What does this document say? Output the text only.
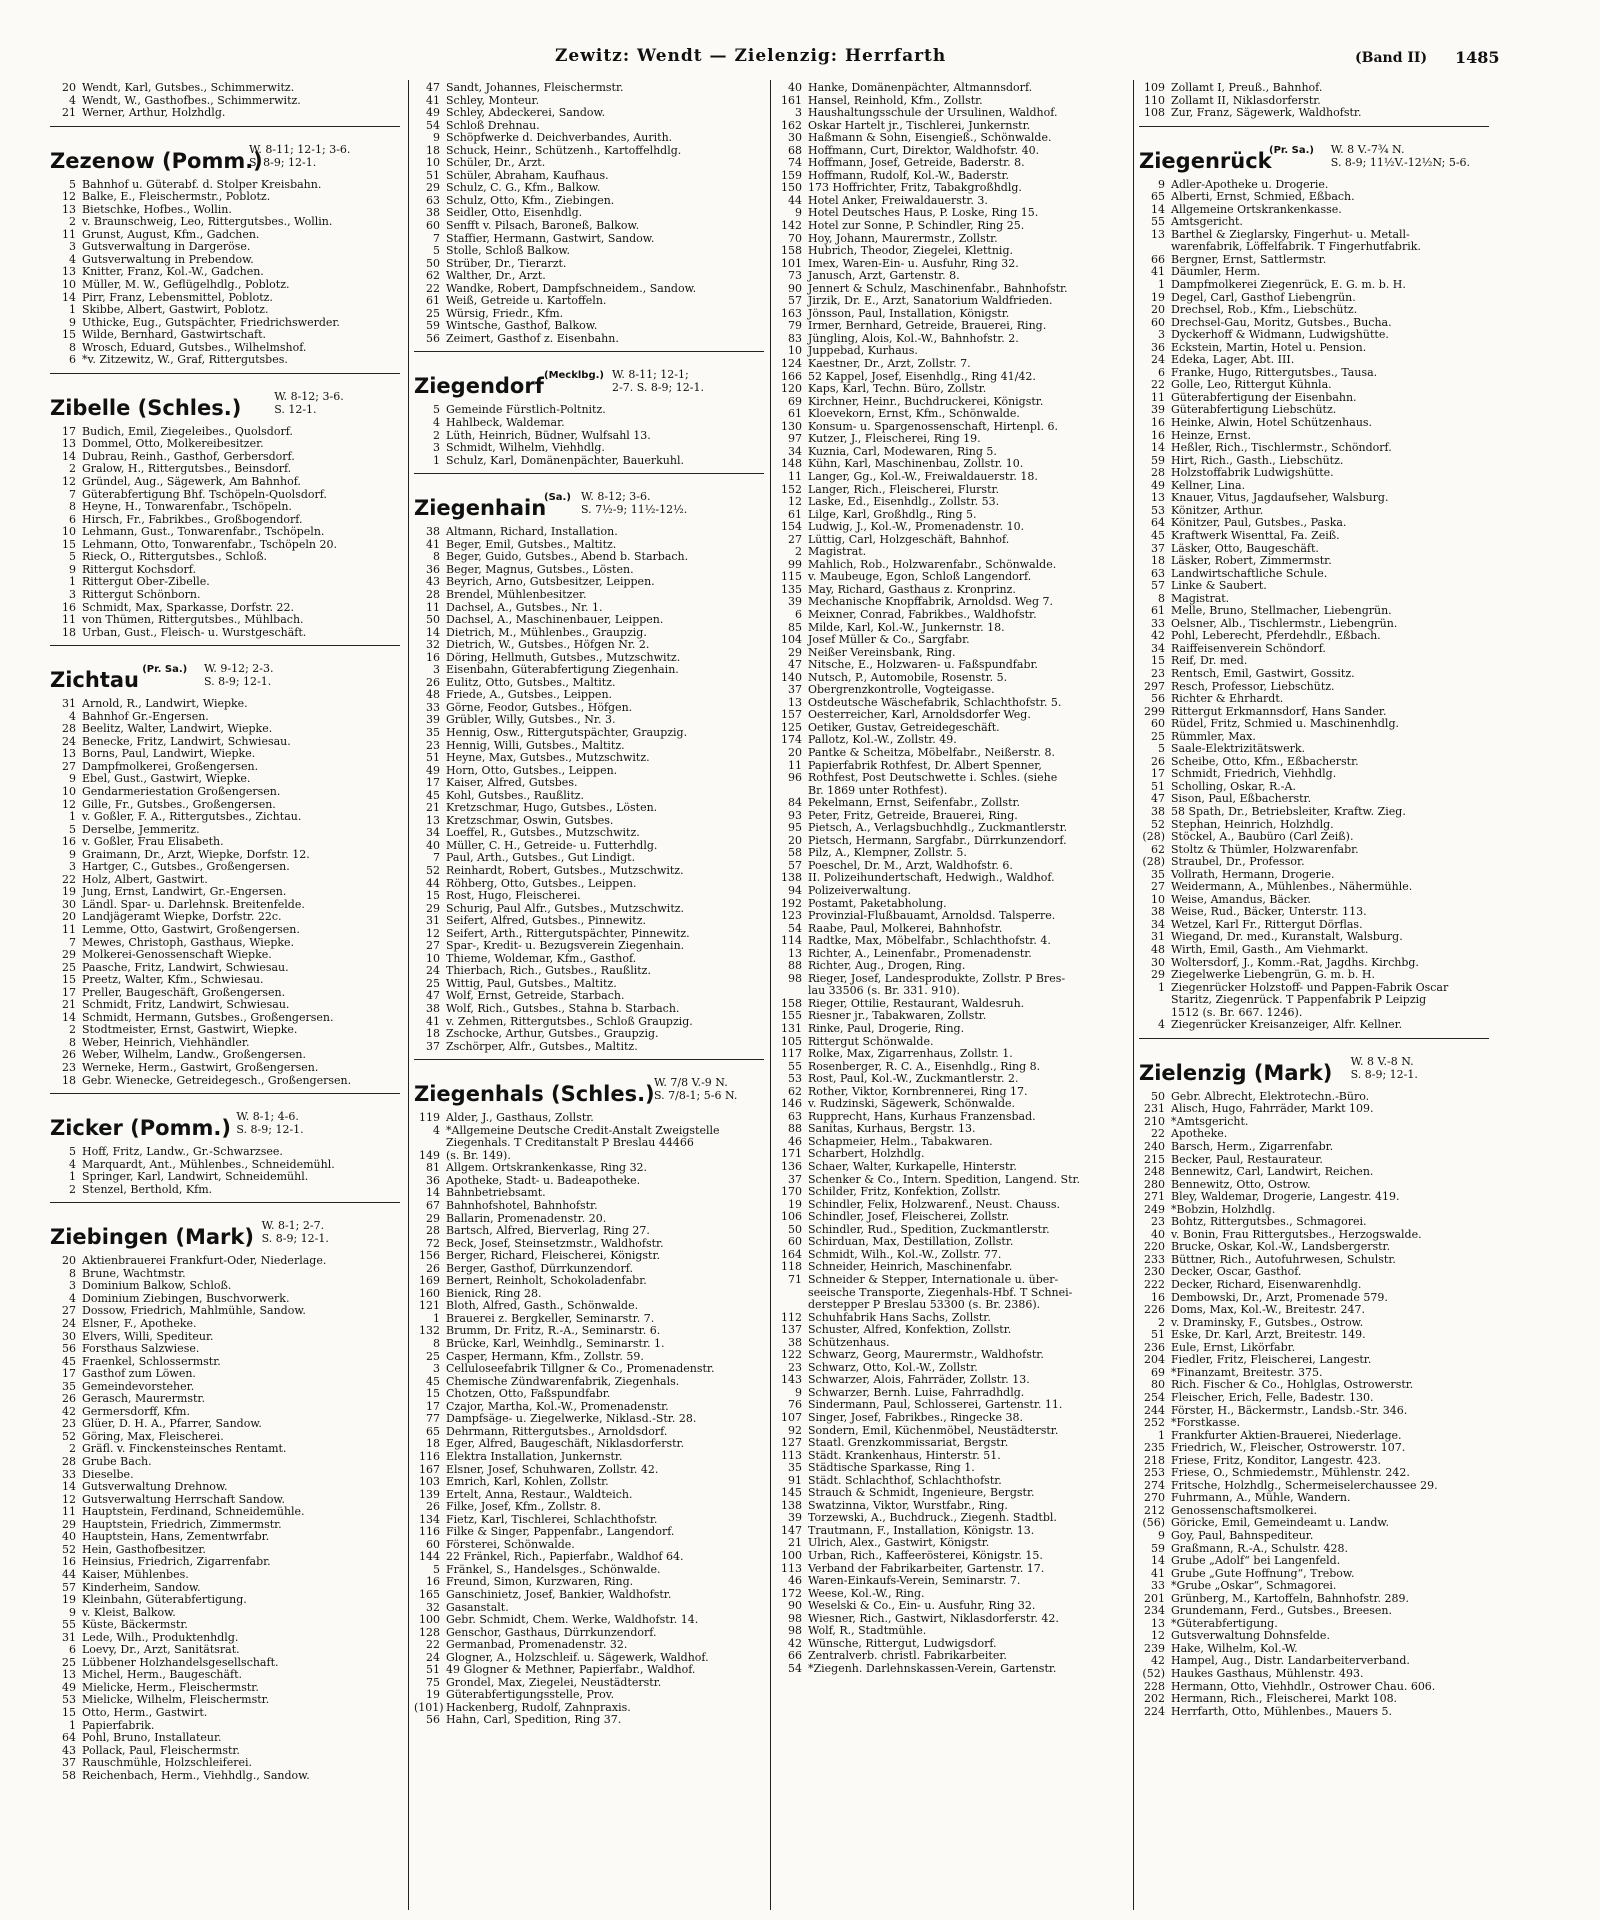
Zewitz: Wendt — Zielenzig: Herrfarth	(Band II) 1485
20 Wendt, Karl, Gutsbes., Schimmerwitz.
4 Wendt, W., Gasthofbes., Schimmerwitz.
21 Werner, Arthur, Holzhdlg.
Zezenow (Pomm.)
W. 8-11; 12-1; 3-6.
S. 8-9; 12-1.
5 Bahnhof u. Güterabf. d. Stolper Kreisbahn.
12 Balke, E., Fleischermstr., Poblotz.
13 Bietschke, Hofbes., Wollin.
2 v. Braunschweig, Leo, Rittergutsbes., Wollin.
11 Grunst, August, Kfm., Gadchen.
3 Gutsverwaltung in Dargeröse.
4 Gutsverwaltung in Prebendow.
13 Knitter, Franz, Kol.-W., Gadchen.
10 Müller, M. W., Geflügelhdlg., Poblotz.
14 Pirr, Franz, Lebensmittel, Poblotz.
1 Skibbe, Albert, Gastwirt, Poblotz.
9 Uthicke, Eug., Gutspächter, Friedrichswerder.
15 Wilde, Bernhard, Gastwirtschaft.
8 Wrosch, Eduard, Gutsbes., Wilhelmshof.
6 *v. Zitzewitz, W., Graf, Rittergutsbes.
Zibelle (Schles.)	W. 8-12; 3-6.
S. 12-1.
17 Budich, Emil, Ziegeleibes., Quolsdorf.
13 Dommel, Otto, Molkereibesitzer.
14 Dubrau, Reinh., Gasthof, Gerbersdorf.
2 Gralow, H., Rittergutsbes., Beinsdorf.
12 Gründel, Aug., Sägewerk, Am Bahnhof.
7 Güterabfertigung Bhf. Tschöpeln-Quolsdorf.
8 Heyne, H., Tonwarenfabr., Tschöpeln.
6 Hirsch, Fr., Fabrikbes., Großbogendorf.
10 Lehmann, Gust., Tonwarenfabr., Tschöpeln.
15 Lehmann, Otto, Tonwarenfabr., Tschöpeln 20.
5 Rieck, O., Rittergutsbes., Schloß.
9 Rittergut Kochsdorf.
1 Rittergut Ober-Zibelle.
3 Rittergut Schönborn.
16 Schmidt, Max, Sparkasse, Dorfstr. 22.
11 von Thümen, Rittergutsbes., Mühlbach.
18 Urban, Gust., Fleisch- u. Wurstgeschäft.
Zichtau (Pr. Sa.) W. 9-12; 2-3.
S. 8-9; 12-1.
31 Arnold, R., Landwirt, Wiepke.
4 Bahnhof Gr.-Engersen.
28 Beelitz, Walter, Landwirt, Wiepke.
24 Benecke, Fritz, Landwirt, Schwiesau.
13 Borns, Paul, Landwirt, Wiepke.
27 Dampfmolkerei, Großengersen.
9 Ebel, Gust., Gastwirt, Wiepke.
10 Gendarmeriestation Großengersen.
12 Gille, Fr., Gutsbes., Großengersen.
1 v. Goßler, F. A., Rittergutsbes., Zichtau.
5 Derselbe, Jemmeritz.
16 v. Goßler, Frau Elisabeth.
9 Graimann, Dr., Arzt, Wiepke, Dorfstr. 12.
3 Hartger, C., Gutsbes., Großengersen.
22 Holz, Albert, Gastwirt.
19 Jung, Ernst, Landwirt, Gr.-Engersen.
30 Ländl. Spar- u. Darlehnsk. Breitenfelde.
20 Landjägeramt Wiepke, Dorfstr. 22c.
11 Lemme, Otto, Gastwirt, Großengersen.
7 Mewes, Christoph, Gasthaus, Wiepke.
29 Molkerei-Genossenschaft Wiepke.
25 Paasche, Fritz, Landwirt, Schwiesau.
15 Preetz, Walter, Kfm., Schwiesau.
17 Preller, Baugeschäft, Großengersen.
21 Schmidt, Fritz, Landwirt, Schwiesau.
14 Schmidt, Hermann, Gutsbes., Großengersen.
2 Stodtmeister, Ernst, Gastwirt, Wiepke.
8 Weber, Heinrich, Viehhändler.
26 Weber, Wilhelm, Landw., Großengersen.
23 Werneke, Herm., Gastwirt, Großengersen.
18 Gebr. Wienecke, Getreidegesch., Großengersen.
Zicker (Pomm.) W. 8-1; 4-6.
S. 8-9; 12-1.
5 Hoff, Fritz, Landw., Gr.-Schwarzsee.
4 Marquardt, Ant., Mühlenbes., Schneidemühl.
1 Springer, Karl, Landwirt, Schneidemühl.
2 Stenzel, Berthold, Kfm.
Ziebingen (Mark) W. 8-1; 2-7.
S. 8-9; 12-1.
20 Aktienbrauerei Frankfurt-Oder, Niederlage.
8 Brune, Wachtmstr.
3 Dominium Balkow, Schloß.
4 Dominium Ziebingen, Buschvorwerk.
27 Dossow, Friedrich, Mahlmühle, Sandow.
24 Elsner, F., Apotheke.
30 Elvers, Willi, Spediteur.
56 Forsthaus Salzwiese.
45 Fraenkel, Schlossermstr.
17 Gasthof zum Löwen.
35 Gemeindevorsteher.
26 Gerasch, Maurermstr.
42 Germersdorff, Kfm.
23 Glüer, D. H. A., Pfarrer, Sandow.
52 Göring, Max, Fleischerei.
2 Gräfl. v. Finckensteinsches Rentamt.
28 Grube Bach.
33 Dieselbe.
14 Gutsverwaltung Drehnow.
12 Gutsverwaltung Herrschaft Sandow.
11 Hauptstein, Ferdinand, Schneidemühle.
29 Hauptstein, Friedrich, Zimmermstr.
40 Hauptstein, Hans, Zementwrfabr.
52 Hein, Gasthofbesitzer.
16 Heinsius, Friedrich, Zigarrenfabr.
44 Kaiser, Mühlenbes.
57 Kinderheim, Sandow.
19 Kleinbahn, Güterabfertigung.
9 v. Kleist, Balkow.
55 Küste, Bäckermstr.
31 Lede, Wilh., Produktenhdlg.
6 Loevy, Dr., Arzt, Sanitätsrat.
25 Lübbener Holzhandelsgesellschaft.
13 Michel, Herm., Baugeschäft.
49 Mielicke, Herm., Fleischermstr.
53 Mielicke, Wilhelm, Fleischermstr.
15 Otto, Herm., Gastwirt.
1 Papierfabrik.
64 Pohl, Bruno, Installateur.
43 Pollack, Paul, Fleischermstr.
37 Rauschmühle, Holzschleiferei.
58 Reichenbach, Herm., Viehhdlg., Sandow.
47 Sandt, Johannes, Fleischermstr.
41 Schley, Monteur.
49 Schley, Abdeckerei, Sandow.
54 Schloß Drehnau.
9 Schöpfwerke d. Deichverbandes, Aurith.
18 Schuck, Heinr., Schützenh., Kartoffelhdlg.
10 Schüler, Dr., Arzt.
51 Schüler, Abraham, Kaufhaus.
29 Schulz, C. G., Kfm., Balkow.
63 Schulz, Otto, Kfm., Ziebingen.
38 Seidler, Otto, Eisenhdlg.
60 Senfft v. Pilsach, Baroneß, Balkow.
7 Staffier, Hermann, Gastwirt, Sandow.
5 Stolle, Schloß Balkow.
50 Strüber, Dr., Tierarzt.
62 Walther, Dr., Arzt.
22 Wandke, Robert, Dampfschneidem., Sandow.
61 Weiß, Getreide u. Kartoffeln.
25 Würsig, Friedr., Kfm.
59 Wintsche, Gasthof, Balkow.
56 Zeimert, Gasthof z. Eisenbahn.
Ziegendorf (Mecklbg.) W. 8-11; 12-1;
2-7. S. 8-9; 12-1.
5 Gemeinde Fürstlich-Poltnitz.
4 Hahlbeck, Waldemar.
2 Lüth, Heinrich, Büdner, Wulfsahl 13.
3 Schmidt, Wilhelm, Viehhdlg.
1 Schulz, Karl, Domänenpächter, Bauerkuhl.
Ziegenhain
(Sa.) W. 8-12; 3-6.
S. 7½-9; 11½-12½.
38 Altmann, Richard, Installation.
41 Beger, Emil, Gutsbes., Maltitz.
8 Beger, Guido, Gutsbes., Abend b. Starbach.
36 Beger, Magnus, Gutsbes., Lösten.
43 Beyrich, Arno, Gutsbesitzer, Leippen.
28 Brendel, Mühlenbesitzer.
11 Dachsel, A., Gutsbes., Nr. 1.
50 Dachsel, A., Maschinenbauer, Leippen.
14 Dietrich, M., Mühlenbes., Graupzig.
32 Dietrich, W., Gutsbes., Höfgen Nr. 2.
16 Döring, Hellmuth, Gutsbes., Mutzschwitz.
3 Eisenbahn, Güterabfertigung Ziegenhain.
26 Eulitz, Otto, Gutsbes., Maltitz.
48 Friede, A., Gutsbes., Leippen.
33 Görne, Feodor, Gutsbes., Höfgen.
39 Grübler, Willy, Gutsbes., Nr. 3.
35 Hennig, Osw., Rittergutspächter, Graupzig.
23 Hennig, Willi, Gutsbes., Maltitz.
51 Heyne, Max, Gutsbes., Mutzschwitz.
49 Horn, Otto, Gutsbes., Leippen.
17 Kaiser, Alfred, Gutsbes.
45 Kohl, Gutsbes., Raußlitz.
21 Kretzschmar, Hugo, Gutsbes., Lösten.
13 Kretzschmar, Oswin, Gutsbes.
34 Loeffel, R., Gutsbes., Mutzschwitz.
40 Müller, C. H., Getreide- u. Futterhdlg.
7 Paul, Arth., Gutsbes., Gut Lindigt.
52 Reinhardt, Robert, Gutsbes., Mutzschwitz.
44 Röhberg, Otto, Gutsbes., Leippen.
15 Rost, Hugo, Fleischerei.
29 Schurig, Paul Alfr., Gutsbes., Mutzschwitz.
31 Seifert, Alfred, Gutsbes., Pinnewitz.
12 Seifert, Arth., Rittergutspächter, Pinnewitz.
27 Spar-, Kredit- u. Bezugsverein Ziegenhain.
10 Thieme, Woldemar, Kfm., Gasthof.
24 Thierbach, Rich., Gutsbes., Raußlitz.
25 Wittig, Paul, Gutsbes., Maltitz.
47 Wolf, Ernst, Getreide, Starbach.
38 Wolf, Rich., Gutsbes., Stahna b. Starbach.
41 v. Zehmen, Rittergutsbes., Schloß Graupzig.
18 Zschocke, Arthur, Gutsbes., Graupzig.
37 Zschörper, Alfr., Gutsbes., Maltitz.
Ziegenhals (Schles.) W. 7/8 V.-9 N.
S. 7/8-1; 5-6 N.
119 Alder, J., Gasthaus, Zollstr.
4 *Allgemeine Deutsche Credit-Anstalt Zweigstelle
Ziegenhals. T Creditanstalt P Breslau 44466
149 (s. Br. 149).
81 Allgem. Ortskrankenkasse, Ring 32.
36 Apotheke, Stadt- u. Badeapotheke.
14 Bahnbetriebsamt.
67 Bahnhofshotel, Bahnhofstr.
29 Ballarin, Promenadenstr. 20.
28 Bartsch, Alfred, Bierverlag, Ring 27.
72 Beck, Josef, Steinsetzmstr., Waldhofstr.
156 Berger, Richard, Fleischerei, Königstr.
26 Berger, Gasthof, Dürrkunzendorf.
169 Bernert, Reinholt, Schokoladenfabr.
160 Bienick, Ring 28.
121 Bloth, Alfred, Gasth., Schönwalde.
1 Brauerei z. Bergkeller, Seminarstr. 7.
132 Brumm, Dr. Fritz, R.-A., Seminarstr. 6.
8 Brücke, Karl, Weinhdlg., Seminarstr. 1.
25 Casper, Hermann, Kfm., Zollstr. 59.
3 Celluloseefabrik Tillgner & Co., Promenadenstr.
45 Chemische Zündwarenfabrik, Ziegenhals.
15 Chotzen, Otto, Faßspundfabr.
17 Czajor, Martha, Kol.-W., Promenadenstr.
77 Dampfsäge- u. Ziegelwerke, Niklasd.-Str. 28.
65 Dehrmann, Rittergutsbes., Arnoldsdorf.
18 Eger, Alfred, Baugeschäft, Niklasdorferstr.
116 Elektra Installation, Junkernstr.
167 Elsner, Josef, Schuhwaren, Zollstr. 42.
103 Emrich, Karl, Kohlen, Zollstr.
139 Ertelt, Anna, Restaur., Waldteich.
26 Filke, Josef, Kfm., Zollstr. 8.
134 Fietz, Karl, Tischlerei, Schlachthofstr.
116 Filke & Singer, Pappenfabr., Langendorf.
60 Försterei, Schönwalde.
144 22 Fränkel, Rich., Papierfabr., Waldhof 64.
5 Fränkel, S., Handelsges., Schönwalde.
16 Freund, Simon, Kurzwaren, Ring.
165 Ganschinietz, Josef, Bankier, Waldhofstr.
32 Gasanstalt.
100 Gebr. Schmidt, Chem. Werke, Waldhofstr. 14.
128 Genschor, Gasthaus, Dürrkunzendorf.
22 Germanbad, Promenadenstr. 32.
24 Glogner, A., Holzschleif. u. Sägewerk, Waldhof.
51 49 Glogner & Methner, Papierfabr., Waldhof.
75 Grondel, Max, Ziegelei, Neustädterstr.
19 Güterabfertigungsstelle, Prov.
(101) Hackenberg, Rudolf, Zahnpraxis.
56 Hahn, Carl, Spedition, Ring 37.
40 Hanke, Domänenpächter, Altmannsdorf.
161 Hansel, Reinhold, Kfm., Zollstr.
3 Haushaltungsschule der Ursulinen, Waldhof.
162 Oskar Hartelt jr., Tischlerei, Junkernstr.
30 Haßmann & Sohn, Eisengieß., Schönwalde.
68 Hoffmann, Curt, Direktor, Waldhofstr. 40.
74 Hoffmann, Josef, Getreide, Baderstr. 8.
159 Hoffmann, Rudolf, Kol.-W., Baderstr.
150 173 Hoffrichter, Fritz, Tabakgroßhdlg.
44 Hotel Anker, Freiwaldauerstr. 3.
9 Hotel Deutsches Haus, P. Loske, Ring 15.
142 Hotel zur Sonne, P. Schindler, Ring 25.
70 Hoy, Johann, Maurermstr., Zollstr.
158 Hubrich, Theodor, Ziegelei, Klettnig.
101 Imex, Waren-Ein- u. Ausfuhr, Ring 32.
73 Janusch, Arzt, Gartenstr. 8.
90 Jennert & Schulz, Maschinenfabr., Bahnhofstr.
57 Jirzik, Dr. E., Arzt, Sanatorium Waldfrieden.
163 Jönsson, Paul, Installation, Königstr.
79 Irmer, Bernhard, Getreide, Brauerei, Ring.
83 Jüngling, Alois, Kol.-W., Bahnhofstr. 2.
10 Juppebad, Kurhaus.
124 Kaestner, Dr., Arzt, Zollstr. 7.
166 52 Kappel, Josef, Eisenhdlg., Ring 41/42.
120 Kaps, Karl, Techn. Büro, Zollstr.
69 Kirchner, Heinr., Buchdruckerei, Königstr.
61 Kloevekorn, Ernst, Kfm., Schönwalde.
130 Konsum- u. Spargenossenschaft, Hirtenpl. 6.
97 Kutzer, J., Fleischerei, Ring 19.
34 Kuznia, Carl, Modewaren, Ring 5.
148 Kühn, Karl, Maschinenbau, Zollstr. 10.
11 Langer, Gg., Kol.-W., Freiwaldauerstr. 18.
152 Langer, Rich., Fleischerei, Flurstr.
12 Laske, Ed., Eisenhdlg., Zollstr. 53.
61 Lilge, Karl, Großhdlg., Ring 5.
154 Ludwig, J., Kol.-W., Promenadenstr. 10.
27 Lüttig, Carl, Holzgeschäft, Bahnhof.
2 Magistrat.
99 Mahlich, Rob., Holzwarenfabr., Schönwalde.
115 v. Maubeuge, Egon, Schloß Langendorf.
135 May, Richard, Gasthaus z. Kronprinz.
39 Mechanische Knopffabrik, Arnoldsd. Weg 7.
6 Meixner, Conrad, Fabrikbes., Waldhofstr.
85 Milde, Karl, Kol.-W., Junkernstr. 18.
104 Josef Müller & Co., Sargfabr.
29 Neißer Vereinsbank, Ring.
47 Nitsche, E., Holzwaren- u. Faßspundfabr.
140 Nutsch, P., Automobile, Rosenstr. 5.
37 Obergrenzkontrolle, Vogteigasse.
13 Ostdeutsche Wäschefabrik, Schlachthofstr. 5.
157 Oesterreicher, Karl, Arnoldsdorfer Weg.
125 Oetiker, Gustav, Getreidegeschäft.
174 Pallotz, Kol.-W., Zollstr. 49.
20 Pantke & Scheitza, Möbelfabr., Neißerstr. 8.
11 Papierfabrik Rothfest, Dr. Albert Spenner,
96 Rothfest, Post Deutschwette i. Schles. (siehe
Br. 1869 unter Rothfest).
84 Pekelmann, Ernst, Seifenfabr., Zollstr.
93 Peter, Fritz, Getreide, Brauerei, Ring.
95 Pietsch, A., Verlagsbuchhdlg., Zuckmantlerstr.
20 Pietsch, Hermann, Sargfabr., Dürrkunzendorf.
58 Pilz, A., Klempner, Zollstr. 5.
57 Poeschel, Dr. M., Arzt, Waldhofstr. 6.
138 II. Polizeihundertschaft, Hedwigh., Waldhof.
94 Polizeiverwaltung.
192 Postamt, Paketabholung.
123 Provinzial-Flußbauamt, Arnoldsd. Talsperre.
54 Raabe, Paul, Molkerei, Bahnhofstr.
114 Radtke, Max, Möbelfabr., Schlachthofstr. 4.
13 Richter, A., Leinenfabr., Promenadenstr.
88 Richter, Aug., Drogen, Ring.
98 Rieger, Josef, Landesprodukte, Zollstr. P Bres-
lau 33506 (s. Br. 331. 910).
158 Rieger, Ottilie, Restaurant, Waldesruh.
155 Riesner jr., Tabakwaren, Zollstr.
131 Rinke, Paul, Drogerie, Ring.
105 Rittergut Schönwalde.
117 Rolke, Max, Zigarrenhaus, Zollstr. 1.
55 Rosenberger, R. C. A., Eisenhdlg., Ring 8.
53 Rost, Paul, Kol.-W., Zuckmantlerstr. 2.
62 Rother, Viktor, Kornbrennerei, Ring 17.
146 v. Rudzinski, Sägewerk, Schönwalde.
63 Rupprecht, Hans, Kurhaus Franzensbad.
88 Sanitas, Kurhaus, Bergstr. 13.
46 Schapmeier, Helm., Tabakwaren.
171 Scharbert, Holzhdlg.
136 Schaer, Walter, Kurkapelle, Hinterstr.
37 Schenker & Co., Intern. Spedition, Langend. Str.
170 Schilder, Fritz, Konfektion, Zollstr.
19 Schindler, Felix, Holzwarenf., Neust. Chauss.
106 Schindler, Josef, Fleischerei, Zollstr.
50 Schindler, Rud., Spedition, Zuckmantlerstr.
60 Schirduan, Max, Destillation, Zollstr.
164 Schmidt, Wilh., Kol.-W., Zollstr. 77.
118 Schneider, Heinrich, Maschinenfabr.
71 Schneider & Stepper, Internationale u. über-
seeische Transporte, Ziegenhals-Hbf. T Schnei-
derstepper P Breslau 53300 (s. Br. 2386).
112 Schuhfabrik Hans Sachs, Zollstr.
137 Schuster, Alfred, Konfektion, Zollstr.
38 Schützenhaus.
122 Schwarz, Georg, Maurermstr., Waldhofstr.
23 Schwarz, Otto, Kol.-W., Zollstr.
143 Schwarzer, Alois, Fahrräder, Zollstr. 13.
9 Schwarzer, Bernh. Luise, Fahrradhdlg.
76 Sindermann, Paul, Schlosserei, Gartenstr. 11.
107 Singer, Josef, Fabrikbes., Ringecke 38.
92 Sondern, Emil, Küchenmöbel, Neustädterstr.
127 Staatl. Grenzkommissariat, Bergstr.
113 Städt. Krankenhaus, Hinterstr. 51.
35 Städtische Sparkasse, Ring 1.
91 Städt. Schlachthof, Schlachthofstr.
145 Strauch & Schmidt, Ingenieure, Bergstr.
138 Swatzinna, Viktor, Wurstfabr., Ring.
39 Torzewski, A., Buchdruck., Ziegenh. Stadtbl.
147 Trautmann, F., Installation, Königstr. 13.
21 Ulrich, Alex., Gastwirt, Königstr.
100 Urban, Rich., Kaffeerösterei, Königstr. 15.
113 Verband der Fabrikarbeiter, Gartenstr. 17.
46 Waren-Einkaufs-Verein, Seminarstr. 7.
172 Weese, Kol.-W., Ring.
90 Weselski & Co., Ein- u. Ausfuhr, Ring 32.
98 Wiesner, Rich., Gastwirt, Niklasdorferstr. 42.
98 Wolf, R., Stadtmühle.
42 Wünsche, Rittergut, Ludwigsdorf.
66 Zentralverb. christl. Fabrikarbeiter.
54 *Ziegenh. Darlehnskassen-Verein, Gartenstr.
109 Zollamt I, Preuß., Bahnhof.
110 Zollamt II, Niklasdorferstr.
108 Zur, Franz, Sägewerk, Waldhofstr.
Ziegenrück
(Pr. Sa.) W. 8 V.-7¾ N.
S. 8-9; 11½V.-12½N; 5-6.
9 Adler-Apotheke u. Drogerie.
65 Alberti, Ernst, Schmied, Eßbach.
14 Allgemeine Ortskrankenkasse.
55 Amtsgericht.
13 Barthel & Zieglarsky, Fingerhut- u. Metall-
warenfabrik, Löffelfabrik. T Fingerhutfabrik.
66 Bergner, Ernst, Sattlermstr.
41 Däumler, Herm.
1 Dampfmolkerei Ziegenrück, E. G. m. b. H.
19 Degel, Carl, Gasthof Liebengrün.
20 Drechsel, Rob., Kfm., Liebschütz.
60 Drechsel-Gau, Moritz, Gutsbes., Bucha.
3 Dyckerhoff & Widmann, Ludwigshütte.
36 Eckstein, Martin, Hotel u. Pension.
24 Edeka, Lager, Abt. III.
6 Franke, Hugo, Rittergutsbes., Tausa.
22 Golle, Leo, Rittergut Kühnla.
11 Güterabfertigung der Eisenbahn.
39 Güterabfertigung Liebschütz.
16 Heinke, Alwin, Hotel Schützenhaus.
16 Heinze, Ernst.
14 Heßler, Rich., Tischlermstr., Schöndorf.
59 Hirt, Rich., Gasth., Liebschütz.
28 Holzstoffabrik Ludwigshütte.
49 Kellner, Lina.
13 Knauer, Vitus, Jagdaufseher, Walsburg.
53 Könitzer, Arthur.
64 Könitzer, Paul, Gutsbes., Paska.
45 Kraftwerk Wisenttal, Fa. Zeiß.
37 Läsker, Otto, Baugeschäft.
18 Läsker, Robert, Zimmermstr.
63 Landwirtschaftliche Schule.
57 Linke & Saubert.
8 Magistrat.
61 Melle, Bruno, Stellmacher, Liebengrün.
33 Oelsner, Alb., Tischlermstr., Liebengrün.
42 Pohl, Leberecht, Pferdehdlr., Eßbach.
34 Raiffeisenverein Schöndorf.
15 Reif, Dr. med.
23 Rentsch, Emil, Gastwirt, Gossitz.
297 Resch, Professor, Liebschütz.
56 Richter & Ehrhardt.
299 Rittergut Erkmannsdorf, Hans Sander.
60 Rüdel, Fritz, Schmied u. Maschinenhdlg.
25 Rümmler, Max.
5 Saale-Elektrizitätswerk.
26 Scheibe, Otto, Kfm., Eßbacherstr.
17 Schmidt, Friedrich, Viehhdlg.
51 Scholling, Oskar, R.-A.
47 Sison, Paul, Eßbacherstr.
38 58 Spath, Dr., Betriebsleiter, Kraftw. Zieg.
52 Stephan, Heinrich, Holzhdlg.
(28) Stöckel, A., Baubüro (Carl Zeiß).
62 Stoltz & Thümler, Holzwarenfabr.
(28) Straubel, Dr., Professor.
35 Vollrath, Hermann, Drogerie.
27 Weidermann, A., Mühlenbes., Nähermühle.
10 Weise, Amandus, Bäcker.
38 Weise, Rud., Bäcker, Unterstr. 113.
34 Wetzel, Karl Fr., Rittergut Dörflas.
31 Wiegand, Dr. med., Kuranstalt, Walsburg.
48 Wirth, Emil, Gasth., Am Viehmarkt.
30 Woltersdorf, J., Komm.-Rat, Jagdhs. Kirchbg.
29 Ziegelwerke Liebengrün, G. m. b. H.
1 Ziegenrücker Holzstoff- und Pappen-Fabrik Oscar
Staritz, Ziegenrück. T Pappenfabrik P Leipzig
1512 (s. Br. 667. 1246).
4 Ziegenrücker Kreisanzeiger, Alfr. Kellner.
Zielenzig (Mark) W. 8 V.-8 N.
S. 8-9; 12-1.
50 Gebr. Albrecht, Elektrotechn.-Büro.
231 Alisch, Hugo, Fahrräder, Markt 109.
210 *Amtsgericht.
22 Apotheke.
240 Barsch, Herm., Zigarrenfabr.
215 Becker, Paul, Restaurateur.
248 Bennewitz, Carl, Landwirt, Reichen.
280 Bennewitz, Otto, Ostrow.
271 Bley, Waldemar, Drogerie, Langestr. 419.
249 *Bobzin, Holzhdlg.
23 Bohtz, Rittergutsbes., Schmagorei.
40 v. Bonin, Frau Rittergutsbes., Herzogswalde.
220 Brucke, Oskar, Kol.-W., Landsbergerstr.
233 Büttner, Rich., Autofuhrwesen, Schulstr.
230 Decker, Oscar, Gasthof.
222 Decker, Richard, Eisenwarenhdlg.
16 Dembowski, Dr., Arzt, Promenade 579.
226 Doms, Max, Kol.-W., Breitestr. 247.
2 v. Draminsky, F., Gutsbes., Ostrow.
51 Eske, Dr. Karl, Arzt, Breitestr. 149.
236 Eule, Ernst, Likörfabr.
204 Fiedler, Fritz, Fleischerei, Langestr.
69 *Finanzamt, Breitestr. 375.
80 Rich. Fischer & Co., Hohlglas, Ostrowerstr.
254 Fleischer, Erich, Felle, Badestr. 130.
244 Förster, H., Bäckermstr., Landsb.-Str. 346.
252 *Forstkasse.
1 Frankfurter Aktien-Brauerei, Niederlage.
235 Friedrich, W., Fleischer, Ostrowerstr. 107.
218 Friese, Fritz, Konditor, Langestr. 423.
253 Friese, O., Schmiedemstr., Mühlenstr. 242.
274 Fritsche, Holzhdlg., Schermeiselerchaussee 29.
270 Fuhrmann, A., Mühle, Wandern.
212 Genossenschaftsmolkerei.
(56) Göricke, Emil, Gemeindeamt u. Landw.
9 Goy, Paul, Bahnspediteur.
59 Graßmann, R.-A., Schulstr. 428.
14 Grube „Adolf“ bei Langenfeld.
41 Grube „Gute Hoffnung“, Trebow.
33 *Grube „Oskar“, Schmagorei.
201 Grünberg, M., Kartoffeln, Bahnhofstr. 289.
234 Grundemann, Ferd., Gutsbes., Breesen.
13 *Güterabfertigung.
12 Gutsverwaltung Dohnsfelde.
239 Hake, Wilhelm, Kol.-W.
42 Hampel, Aug., Distr. Landarbeiterverband.
(52) Haukes Gasthaus, Mühlenstr. 493.
228 Hermann, Otto, Viehhdlr., Ostrower Chau. 606.
202 Hermann, Rich., Fleischerei, Markt 108.
224 Herrfarth, Otto, Mühlenbes., Mauers 5.
